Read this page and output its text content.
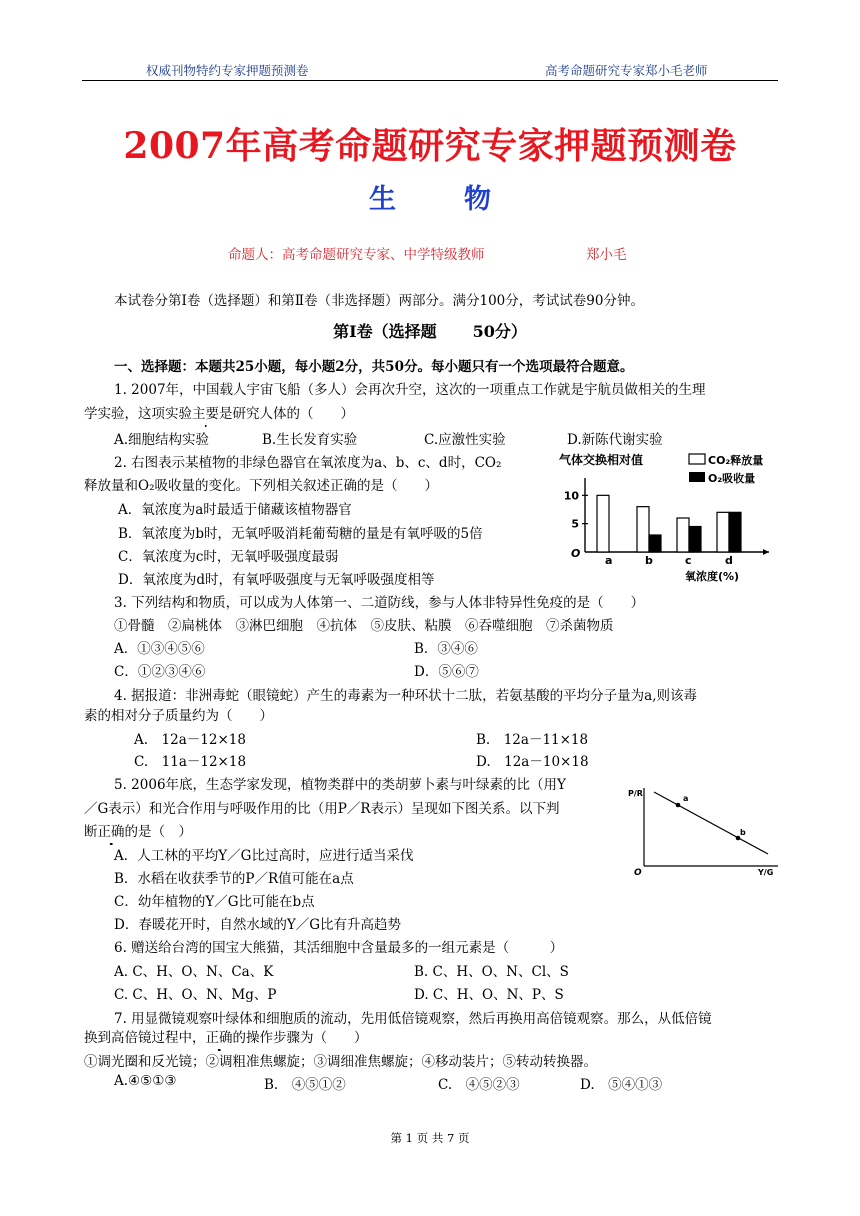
权威刊物特约专家押题预测卷	高考命题研究专家郑小毛老师
2007年高考命题研究专家押题预测卷
生	物
命题人：高考命题研究专家、中学特级教师	郑小毛
本试卷分第Ⅰ卷（选择题）和第Ⅱ卷（非选择题）两部分。满分100分，考试试卷90分钟。
第Ⅰ卷（选择题 50分）
一、选择题：本题共25小题，每小题2分，共50分。每小题只有一个选项最符合题意。
1. 2007年，中国载人宇宙飞船（多人）会再次升空，这次的一项重点工作就是宇航员做相关的生理
学实验，这项实验主要是研究人体的（　　）
A.细胞结构实验	B.生长发育实验	C.应激性实验	D.新陈代谢实验
2. 右图表示某植物的非绿色器官在氧浓度为a、b、c、d时，CO₂
释放量和O₂吸收量的变化。下列相关叙述正确的是（　　）
A．氧浓度为a时最适于储藏该植物器官
B．氧浓度为b时，无氧呼吸消耗葡萄糖的量是有氧呼吸的5倍
C．氧浓度为c时，无氧呼吸强度最弱
D．氧浓度为d时，有氧呼吸强度与无氧呼吸强度相等
气体交换相对值	CO₂释放量
O₂吸收量
O
5
10
a	b	c	d
氧浓度(%)
3. 下列结构和物质，可以成为人体第一、二道防线，参与人体非特异性免疫的是（　　）
①骨髓　②扁桃体　③淋巴细胞　④抗体　⑤皮肤、粘膜　⑥吞噬细胞　⑦杀菌物质
A．①③④⑤⑥	B．③④⑥
C．①②③④⑥	D．⑤⑥⑦
4. 据报道：非洲毒蛇（眼镜蛇）产生的毒素为一种环状十二肽，若氨基酸的平均分子量为a,则该毒
素的相对分子质量约为（　　）
A.　12a－12×18	B.　12a－11×18
C.　11a－12×18	D.　12a－10×18
5. 2006年底，生态学家发现，植物类群中的类胡萝卜素与叶绿素的比（用Y
／G表示）和光合作用与呼吸作用的比（用P／R表示）呈现如下图关系。以下判
断正确的是（　）
A．人工林的平均Y／G比过高时，应进行适当采伐
B．水稻在收获季节的P／R值可能在a点
C．幼年植物的Y／G比可能在b点
D．春暖花开时，自然水域的Y／G比有升高趋势
P/R
Y/G
O
a
b
6. 赠送给台湾的国宝大熊猫，其活细胞中含量最多的一组元素是（　　　）
A. C、H、O、N、Ca、K	B. C、H、O、N、Cl、S
C. C、H、O、N、Mg、P	D. C、H、O、N、P、S
7. 用显微镜观察叶绿体和细胞质的流动，先用低倍镜观察，然后再换用高倍镜观察。那么，从低倍镜
换到高倍镜过程中，正确的操作步骤为（　　）
①调光圈和反光镜；②调粗准焦螺旋；③调细准焦螺旋；④移动装片；⑤转动转换器。
A.④⑤①③	B.　④⑤①②	C.　④⑤②③	D.　⑤④①③
第 1 页 共 7 页
